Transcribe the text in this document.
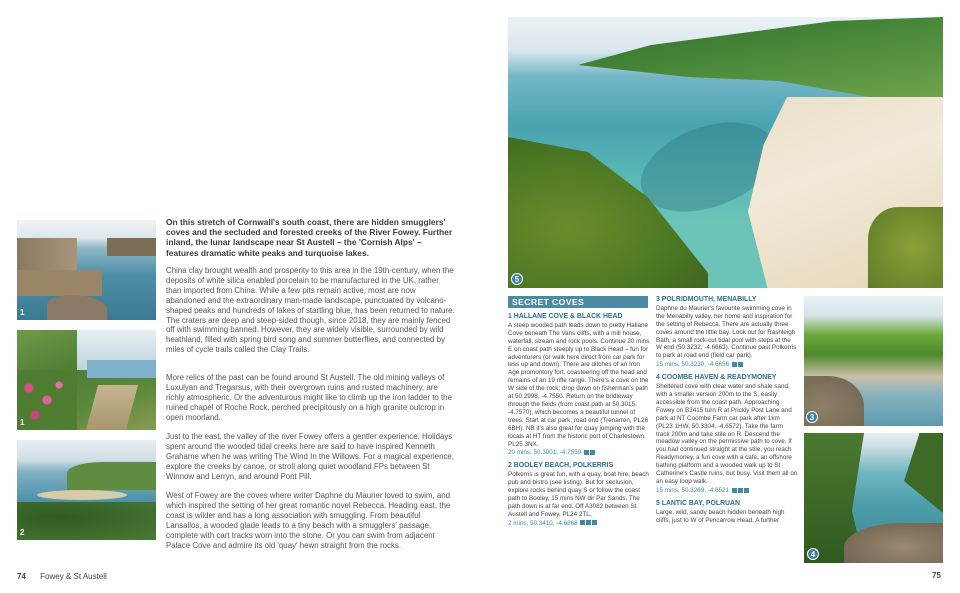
1
1
2
On this stretch of Cornwall's south coast, there are hidden smugglers' coves and the secluded and forested creeks of the River Fowey. Further inland, the lunar landscape near St Austell – the 'Cornish Alps' – features dramatic white peaks and turquoise lakes.
China clay brought wealth and prosperity to this area in the 19th-century, when the deposits of white silica enabled porcelain to be manufactured in the UK, rather than imported from China. While a few pits remain active, most are now abandoned and the extraordinary man-made landscape, punctuated by volcano-shaped peaks and hundreds of lakes of startling blue, has been returned to nature. The craters are deep and steep-sided though, since 2018, they are mainly fenced off with swimming banned. However, they are widely visible, surrounded by wild heathland, filled with spring bird song and summer butterflies, and connected by miles of cycle trails called the Clay Trails.
More relics of the past can be found around St Austell. The old mining valleys of Luxulyan and Tregarsus, with their overgrown ruins and rusted machinery, are richly atmospheric. Or the adventurous might like to climb up the iron ladder to the ruined chapel of Roche Rock, perched precipitously on a high granite outcrop in open moorland.
Just to the east, the valley of the river Fowey offers a gentler experience. Holidays spent around the wooded tidal creeks here are said to have inspired Kenneth Grahame when he was writing The Wind In the Willows. For a magical experience, explore the creeks by canoe, or stroll along quiet woodland FPs between St Winnow and Lerryn, and around Pont Pill.
West of Fowey are the coves where writer Daphne du Maurier loved to swim, and which inspired the setting of her great romantic novel Rebecca. Heading east, the coast is wilder and has a long association with smuggling. From beautiful Lansallos, a wooded glade leads to a tiny beach with a smugglers' passage, complete with cart tracks worn into the stone. Or you can swim from adjacent Palace Cove and admire its old 'quay' hewn straight from the rocks.
74 Fowey & St Austell
5
SECRET COVES
1 HALLANE COVE & BLACK HEAD
A steep wooded path leads down to pretty Hallane Cove beneath The Vans cliffs, with a mill house, waterfall, stream and rock pools. Continue 20 mins E on coast path steeply up to Black Head – fun for adventurers (or walk here direct from car park for less up and down). There are ditches of an Iron Age promontory fort, coasteering off the head and remains of an 19 rifle range. There's a cove on the W side of the rock; drop down on fisherman's path at 50.2998, -4.7550. Return on the bridleway through the fields (from coast path at 50.3015, -4.7570), which becomes a beautiful tunnel of trees. Start at car park, road end (Trenarren, PL26 6BH). NB it's also great for quay jumping with the locals at HT from the historic port of Charlestown, PL25 3NX.
20 mins, 50.3001, -4.7559
2 BOOLEY BEACH, POLKERRIS
Polkerris is great fun, with a quay, boat hire, beach pub and bistro (see listing). But for seclusion, explore rocks behind quay S or follow the coast path to Booley, 15 mins NW dir Par Sands. The path down is at far end. Off A3082 between St Austell and Fowey, PL24 2TL.
2 mins, 50.3410, -4.6868
3 POLRIDMOUTH, MENABILLY
Daphne du Maurier's favourite swimming cove in the Menabilly valley, her home and inspiration for the setting of Rebecca. There are actually three coves around the little bay. Look out for Rashleigh Bath, a small rock-cut tidal pool with steps at the W end (50.3232, -4.6663). Continue past Polkerris to park at road end (field car park).
15 mins, 50.3230, -4.6656
4 COOMBE HAVEN & READYMONEY
Sheltered cove with clear water and shale sand, with a smaller version 200m to the S, easily accessible from the coast path. Approaching Fowey on B3415 turn R at Prickly Post Lane and park at NT Coombe Farm car park after 1km (PL23 1HW, 50.3304, -4.6572). Take the farm track 200m and take stile on R. Descend the meadow valley on the permissive path to cove. If you had continued straight at the stile, you reach Readymoney, a fun cove with a café, an offshore bathing platform and a wooded walk up to St Catherine's Castle ruins, but busy. Visit them all on an easy loop walk.
15 mins, 50.3269, -4.6521
5 LANTIC BAY, POLRUAN
Large, wild, sandy beach hidden beneath high cliffs, just to W of Pencarrow Head. A further
3
4
75
